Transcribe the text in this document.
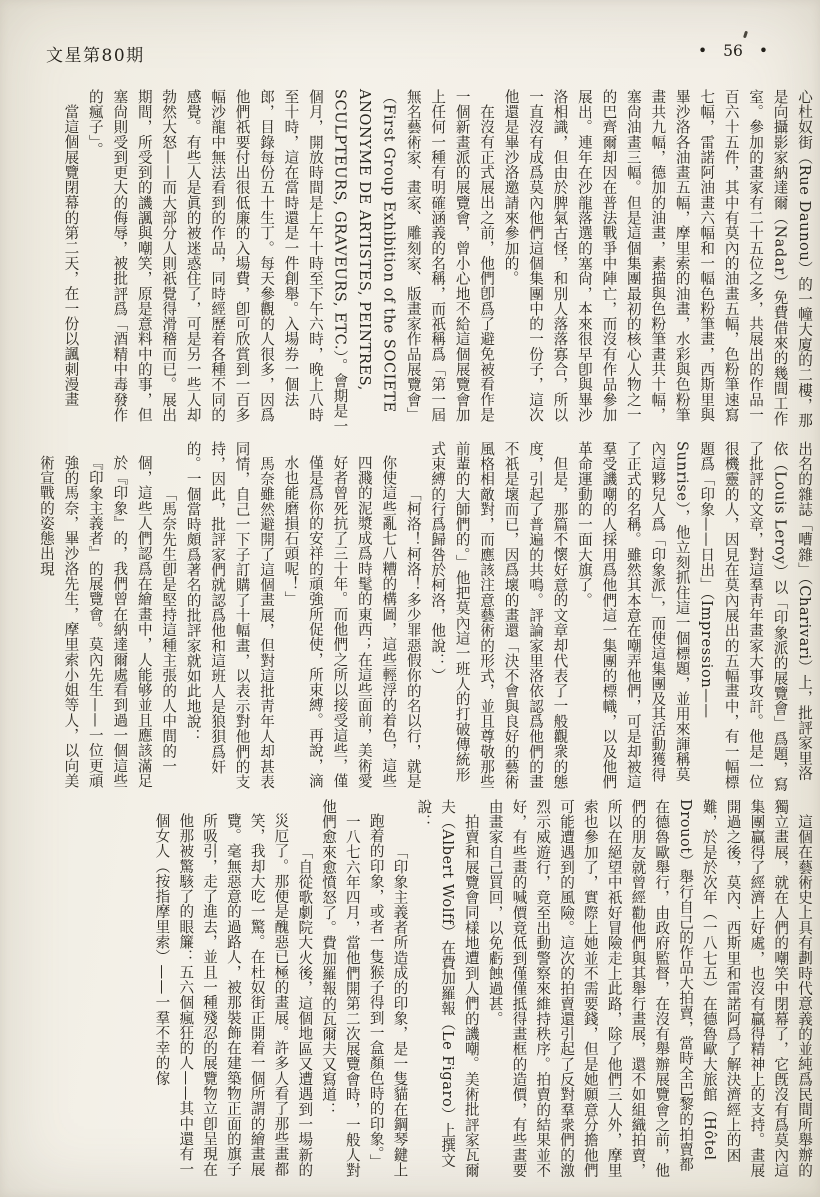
文星第80期	• 56 •

心杜奴街（Rue Daunou）的一幢大廈的二樓，那是向攝影家納達爾（Nadar）免費借來的幾間工作室。參加的畫家有二十五位之多，共展出的作品一百六十五件，其中有莫內的油畫五幅，色粉筆速寫七幅，雷諾阿油畫六幅和一幅色粉筆畫，西斯里與畢沙洛各油畫五幅，摩里索的油畫，水彩與色粉筆畫共九幅，德加的油畫，素描與色粉筆畫共十幅，塞尙油畫三幅。但是這個集團最初的核心人物之一的巴齊爾却因在普法戰爭中陣亡，而沒有作品參加展出。連年在沙龍落選的塞尙，本來很早卽與畢沙洛相識，但由於脾氣古怪，和別人落落寡合，所以一直沒有成爲莫內他們這個集團中的一份子，這次他還是畢沙洛邀請來參加的。

在沒有正式展出之前，他們卽爲了避免被看作是一個新畫派的展覽會，曾小心地不給這個展覽會加上任何一種有明確涵義的名稱，而祇稱爲「第一屆無名藝術家、畫家、雕刻家、版畫家作品展覽會」（First Group Exhibition of the SOCIETE ANONYME DE ARTISTES, PEINTRES, SCULPTEURS, GRAVEURS, ETC.）。會期是一個月，開放時間是上午十時至下午六時，晚上八時至十時，這在當時還是一件創舉。入場券一個法郎，目錄每份五十生丁。每天參觀的人很多，因爲他們祇要付出很低廉的入場費，卽可欣賞到一百多幅沙龍中無法看到的作品，同時經歷着各種不同的感覺。有些人是眞的被迷惑住了，可是另一些人却勃然大怒——而大部分人則祇覺得滑稽而已。展出期間，所受到的譏諷與嘲笑，原是意料中的事，但塞尙則受到更大的侮辱，被批評爲「酒精中毒發作的瘋子」。

當這個展覽閉幕的第二天，在一份以諷刺漫畫

出名的雜誌「嘈雜」（Charivari）上，批評家里洛依（Louis Leroy）以「印象派的展覽會」爲題，寫了批評的文章，對這羣靑年畫家大事攻訐。他是一位很機靈的人，因見在莫內展出的五幅畫中，有一幅標題爲「印象——日出」（Impression——Sunrise），他立刻抓住這一個標題，並用來諢稱莫內這夥兒人爲「印象派」，而使這集團及其活動獲得了正式的名稱。雖然其本意在嘲弄他們，可是却被這羣受譏嘲的人採用爲他們這一集團的標幟，以及他們革命運動的一面大旗了。

但是，那篇不懷好意的文章却代表了一般觀衆的態度，引起了普遍的共鳴。評論家里洛依認爲他們的畫不祇是壞而已，因爲壞的畫還「決不會與良好的藝術風格相敵對，而應該注意藝術的形式，並且尊敬那些前輩的大師們的。」他把莫內這一班人的打破傳統形式束縛的行爲歸咎於柯洛，他說：）

「柯洛！柯洛！多少罪惡假你的名以行，就是你使這些亂七八糟的構圖，這些輕浮的着色，這些四濺的泥漿成爲時髦的東西；在這些面前，美術愛好者曾死抗了三十年。而他們之所以接受這些，僅僅是爲你的安祥的頑強所促使，所束縛。再說，滴水也能磨損石頭呢！」

馬奈雖然避開了這個畫展，但對這批靑年人却甚表同情，自己一下子訂購了十幅畫，以表示對他們的支持，因此，批評家們就認爲他和這班人是狼狽爲奸的。一個當時頗爲著名的批評家就如此地說：

「馬奈先生卽是堅持這種主張的人中間的一個，這些人們認爲在繪畫中，人能够並且應該滿足於『印象』的，我們曾在納達爾處看到過一個這些『印象主義者』的展覽會。莫內先生——一位更頑強的馬奈，畢沙洛先生，摩里索小姐等人，以向美術宣戰的姿態出現

這個在藝術史上具有劃時代意義的並純爲民間所舉辦的獨立畫展，就在人們的嘲笑中閉幕了，它旣沒有爲莫內這集團贏得了經濟上好處，也沒有贏得精神上的支持。畫展開過之後，莫內、西斯里和雷諾阿爲了解決濟經上的困難，於是於次年（一八七五）在德魯歐大旅館（Hôtel Drouot）舉行自己的作品大拍賣，當時全巴黎的拍賣都在德魯歐舉行，由政府監督，在沒有舉辦展覽會之前，他們的朋友就曾經勸他們與其舉行畫展，還不如組織拍賣，所以在絕望中祇好冒險走上此路，除了他們三人外，摩里索也參加了，實際上她並不需要錢，但是她願意分擔他們可能遭遇到的風險。這次的拍賣還引起了反對羣衆們的激烈示威遊行，竟至出動警察來維持秩序。拍賣的結果並不好，有些畫的喊價竟低到僅僅抵得畫框的造價，有些畫要由畫家自己買回，以免虧蝕過甚。

拍賣和展覽會同樣地遭到人們的譏嘲。美術批評家瓦爾夫（Albert Wolff）在費加羅報（Le Figaro）上撰文說：

「印象主義者所造成的印象，是一隻貓在鋼琴鍵上跑着的印象，或者一隻猴子得到一盒顏色時的印象。」

一八七六年四月，當他們開第二次展覽會時，一般人對他們愈來愈憤怒了。費加羅報的瓦爾夫又寫道：

「自從歌劇院大火後，這個地區又遭遇到一場新的災厄了。那便是醜惡已極的畫展。許多人看了那些畫都笑，我却大吃一驚。在杜奴街正開着一個所謂的繪畫展覽。毫無惡意的過路人，被那裝飾在建築物正面的旗子所吸引，走了進去，並且一種殘忍的展覽物立卽呈現在他那被驚駭了的眼簾：五六個瘋狂的人——其中還有一個女人（按指摩里索）——一羣不幸的傢
